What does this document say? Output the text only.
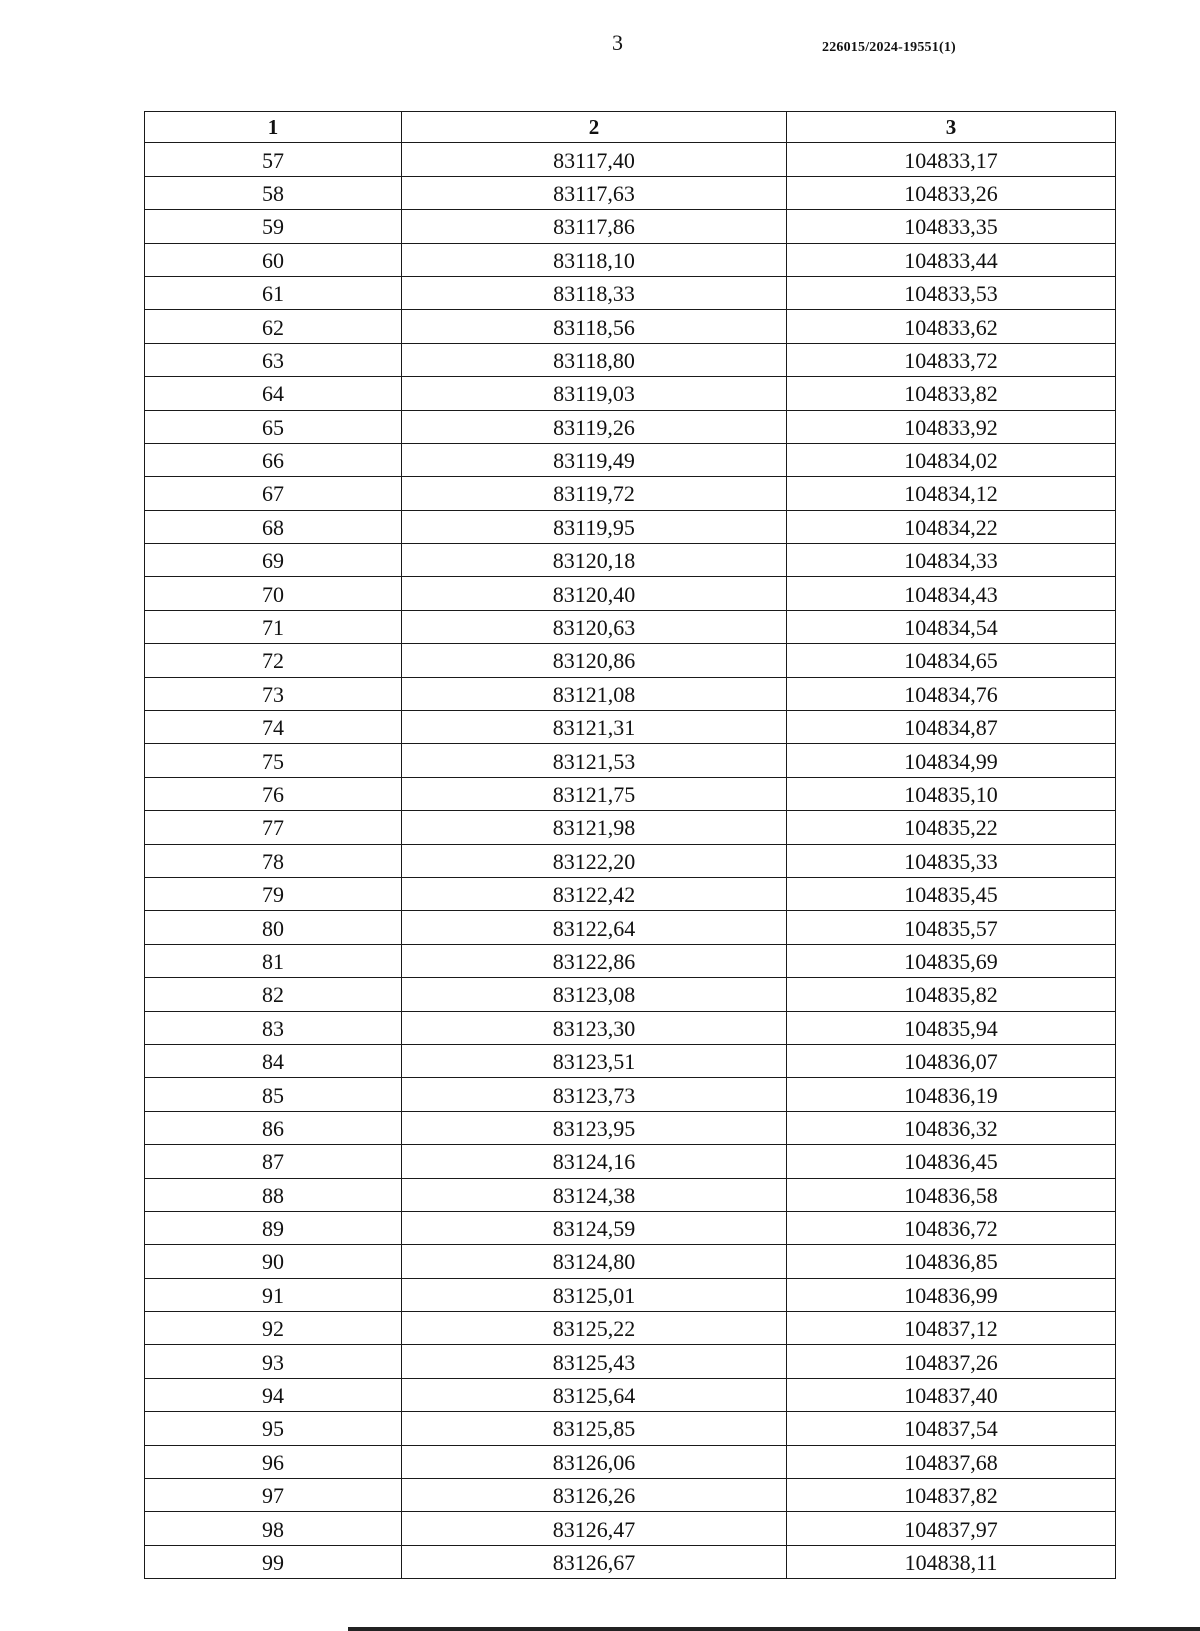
3	226015/2024-19551(1)
1	2	3
57	83117,40	104833,17
58	83117,63	104833,26
59	83117,86	104833,35
60	83118,10	104833,44
61	83118,33	104833,53
62	83118,56	104833,62
63	83118,80	104833,72
64	83119,03	104833,82
65	83119,26	104833,92
66	83119,49	104834,02
67	83119,72	104834,12
68	83119,95	104834,22
69	83120,18	104834,33
70	83120,40	104834,43
71	83120,63	104834,54
72	83120,86	104834,65
73	83121,08	104834,76
74	83121,31	104834,87
75	83121,53	104834,99
76	83121,75	104835,10
77	83121,98	104835,22
78	83122,20	104835,33
79	83122,42	104835,45
80	83122,64	104835,57
81	83122,86	104835,69
82	83123,08	104835,82
83	83123,30	104835,94
84	83123,51	104836,07
85	83123,73	104836,19
86	83123,95	104836,32
87	83124,16	104836,45
88	83124,38	104836,58
89	83124,59	104836,72
90	83124,80	104836,85
91	83125,01	104836,99
92	83125,22	104837,12
93	83125,43	104837,26
94	83125,64	104837,40
95	83125,85	104837,54
96	83126,06	104837,68
97	83126,26	104837,82
98	83126,47	104837,97
99	83126,67	104838,11
